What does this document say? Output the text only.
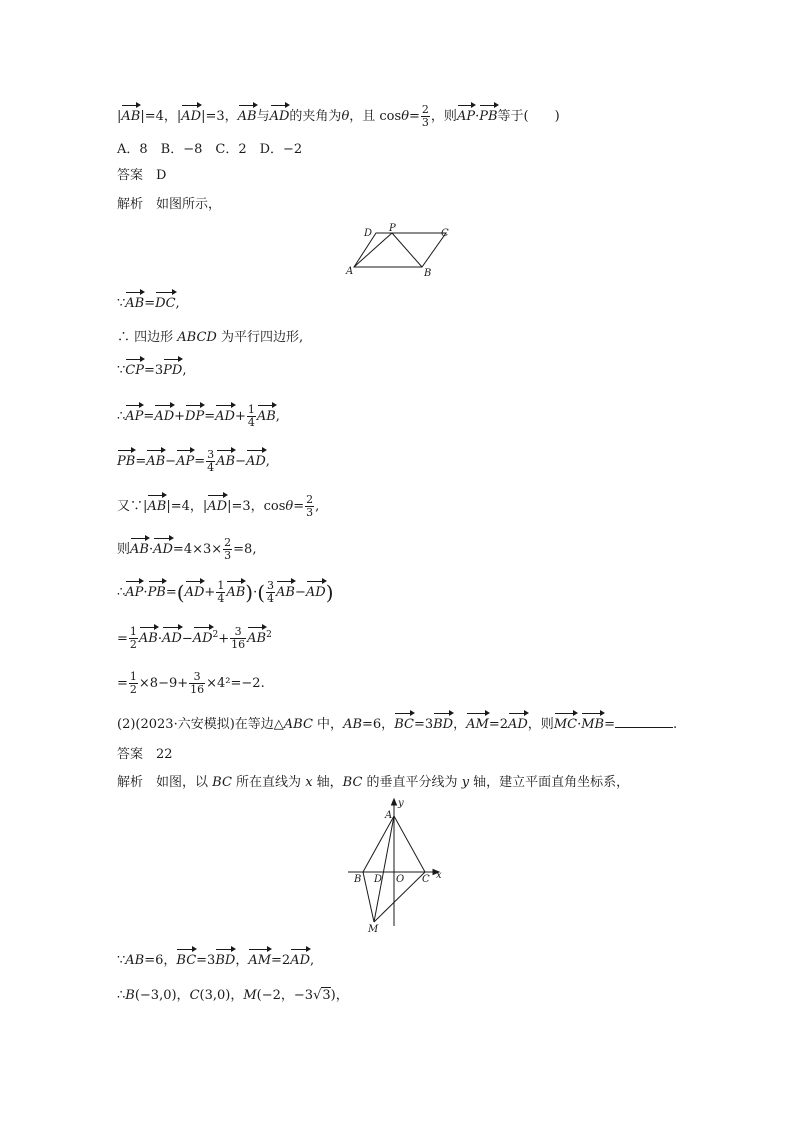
|AB|=4，|AD|=3，AB与AD的夹角为θ，且 $\cos\theta= \frac{2}{3}$ ，则AP·PB等于(　　)
A．8　B．−8　C．2　D．−2
答案　 D
解析　 如图所示，
A	B
C
D P
∵AB=DC,
∴ 四边形 ABCD 为平行四边形,
∵CP=3PD,
∴AP=AD+DP=AD+ $\frac{1}{4}$ AB,
$PB=AB-AP= \frac{3}{4} AB-AD$,
又∵|AB|=4，|AD|=3，$\cos\theta= \frac{2}{3}$ ,
则$AB\cdot AD=4\times 3\times \frac{2}{3} =8$,
∴AP·PB=(AD+ $\frac{1}{4} AB)\cdot( \frac{3}{4} AB-AD)$
= $\frac{1}{2} AB\cdot AD-AD^2+ \frac{3}{16} AB^2$
= $\frac{1}{2} \times 8-9+ \frac{3}{16} \times 4^2=-2$.
(2)(2023·六安模拟)在等边△ABC 中，AB=6，BC=3BD，AM=2AD，则MC·MB=	.
答案　 22
解析　 如图，以 BC 所在直线为 x 轴，BC 的垂直平分线为 y 轴，建立平面直角坐标系，
A
B D O C
M
x
y
∵AB=6，BC=3BD，AM=2AD,
∴B(−3,0)，C(3,0)，M(−2，−3√3)，
